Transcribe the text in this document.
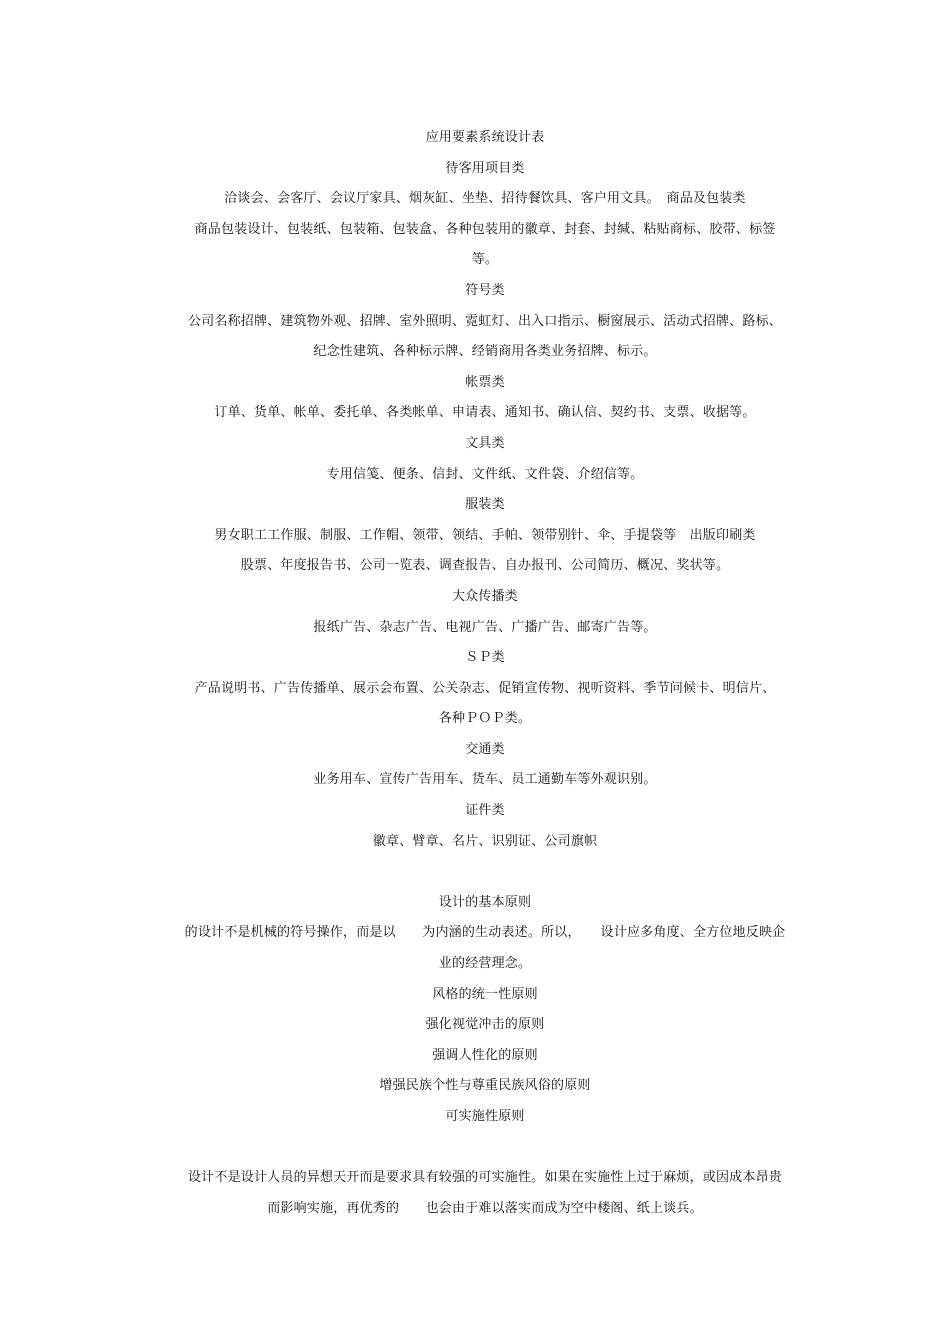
应用要素系统设计表
待客用项目类
洽谈会、会客厅、会议厅家具、烟灰缸、坐垫、招待餐饮具、客户用文具。　商品及包装类
商品包装设计、包装纸、包装箱、包装盒、各种包装用的徽章、封套、封缄、粘贴商标、胶带、标签
等。
符号类
公司名称招牌、建筑物外观、招牌、室外照明、霓虹灯、出入口指示、橱窗展示、活动式招牌、路标、
纪念性建筑、各种标示牌、经销商用各类业务招牌、标示。
帐票类
订单、货单、帐单、委托单、各类帐单、申请表、通知书、确认信、契约书、支票、收据等。
文具类
专用信笺、便条、信封、文件纸、文件袋、介绍信等。
服装类
男女职工工作服、制服、工作帽、领带、领结、手帕、领带别针、伞、手提袋等　出版印刷类
股票、年度报告书、公司一览表、调查报告、自办报刊、公司简历、概况、奖状等。
大众传播类
报纸广告、杂志广告、电视广告、广播广告、邮寄广告等。
ＳＰ类
产品说明书、广告传播单、展示会布置、公关杂志、促销宣传物、视听资料、季节问候卡、明信片、
各种ＰＯＰ类。
交通类
业务用车、宣传广告用车、货车、员工通勤车等外观识别。
证件类
徽章、臂章、名片、识别证、公司旗帜
设计的基本原则
的设计不是机械的符号操作，而是以　　为内涵的生动表述。所以，　　设计应多角度、全方位地反映企
业的经营理念。
风格的统一性原则
强化视觉冲击的原则
强调人性化的原则
增强民族个性与尊重民族风俗的原则
可实施性原则
设计不是设计人员的异想天开而是要求具有较强的可实施性。如果在实施性上过于麻烦，或因成本昂贵
而影响实施，再优秀的　　也会由于难以落实而成为空中楼阁、纸上谈兵。
